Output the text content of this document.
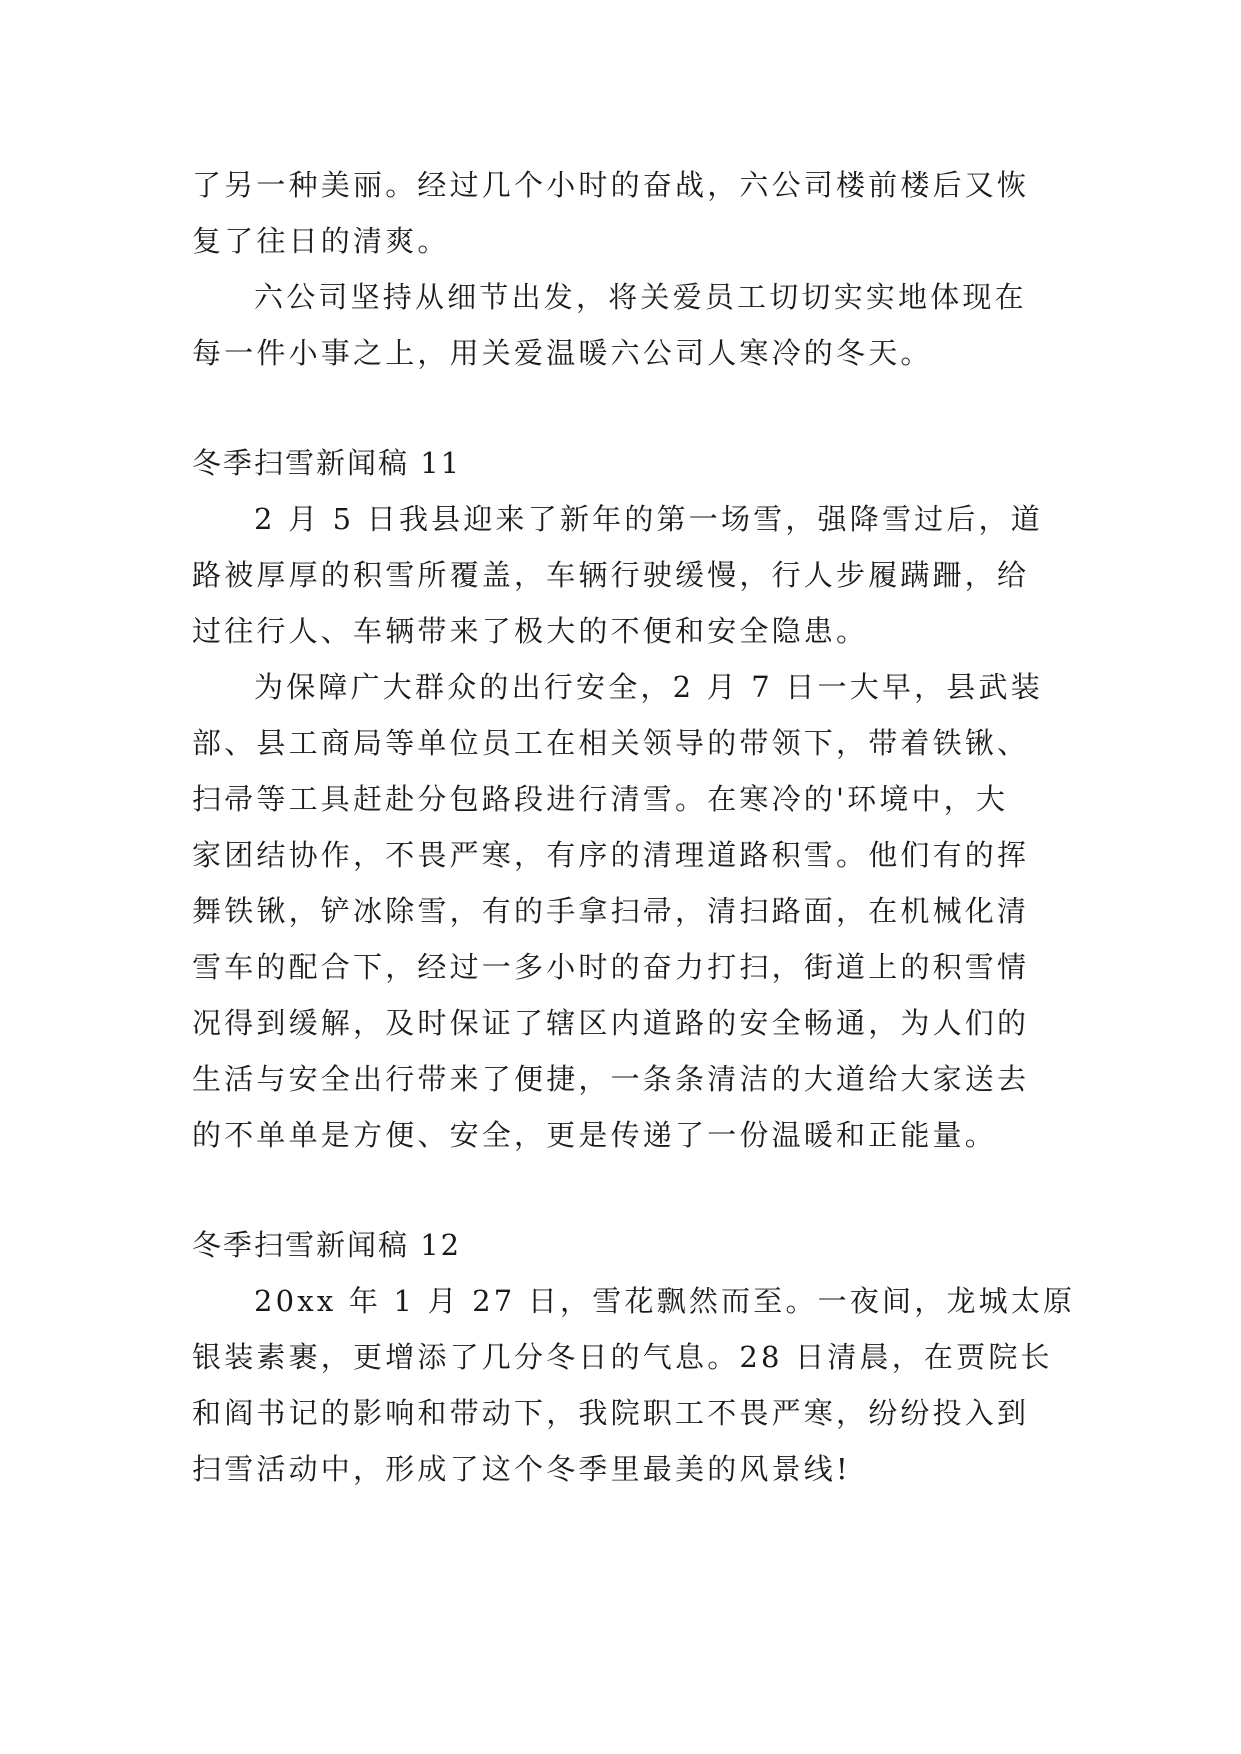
了另一种美丽。经过几个小时的奋战，六公司楼前楼后又恢
复了往日的清爽。
六公司坚持从细节出发，将关爱员工切切实实地体现在
每一件小事之上，用关爱温暖六公司人寒冷的冬天。
冬季扫雪新闻稿 11
2 月 5 日我县迎来了新年的第一场雪，强降雪过后，道
路被厚厚的积雪所覆盖，车辆行驶缓慢，行人步履蹒跚，给
过往行人、车辆带来了极大的不便和安全隐患。
为保障广大群众的出行安全，2 月 7 日一大早，县武装
部、县工商局等单位员工在相关领导的带领下，带着铁锹、
扫帚等工具赶赴分包路段进行清雪。在寒冷的'环境中，大
家团结协作，不畏严寒，有序的清理道路积雪。他们有的挥
舞铁锹，铲冰除雪，有的手拿扫帚，清扫路面，在机械化清
雪车的配合下，经过一多小时的奋力打扫，街道上的积雪情
况得到缓解，及时保证了辖区内道路的安全畅通，为人们的
生活与安全出行带来了便捷，一条条清洁的大道给大家送去
的不单单是方便、安全，更是传递了一份温暖和正能量。
冬季扫雪新闻稿 12
20xx 年 1 月 27 日，雪花飘然而至。一夜间，龙城太原
银装素裹，更增添了几分冬日的气息。28 日清晨，在贾院长
和阎书记的影响和带动下，我院职工不畏严寒，纷纷投入到
扫雪活动中，形成了这个冬季里最美的风景线!
